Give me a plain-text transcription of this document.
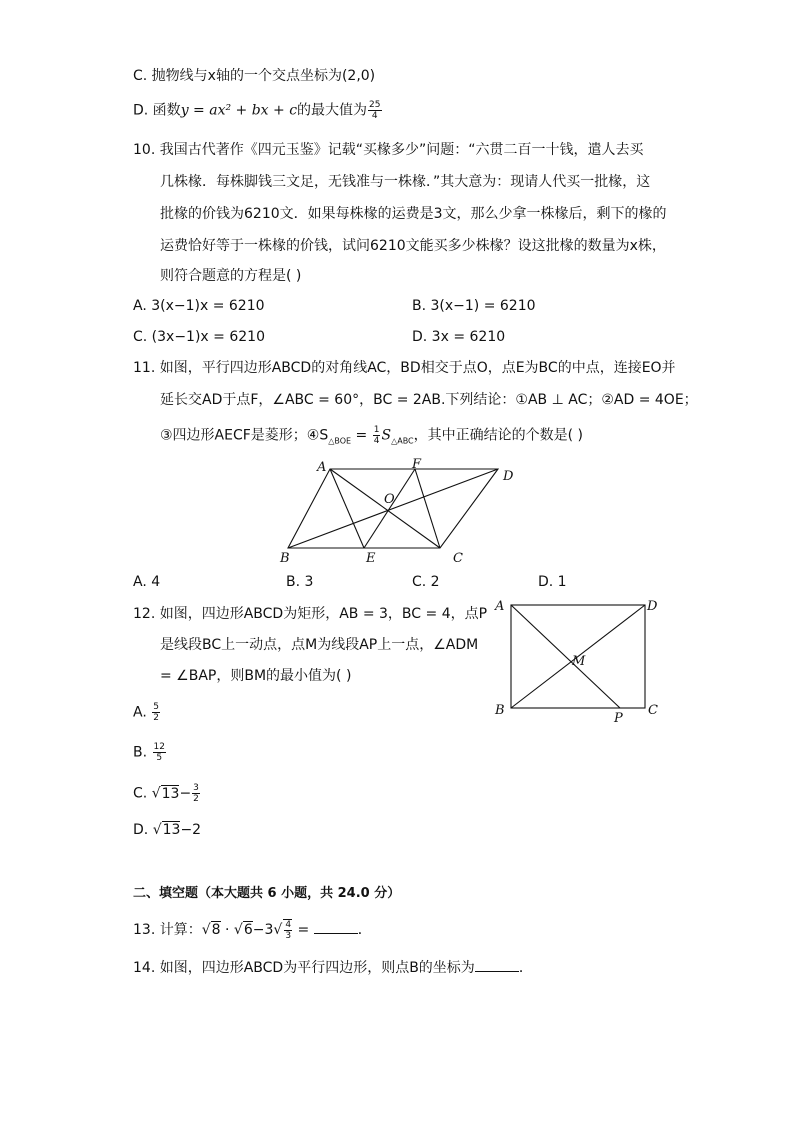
C. 抛物线与x轴的一个交点坐标为(2,0)
D. 函数y = ax² + bx + c的最大值为 $\frac{25}{4}$
10. 我国古代著作《四元玉鉴》记载“买椽多少”问题：“六贯二百一十钱，遣人去买
几株椽．每株脚钱三文足，无钱准与一株椽．”其大意为：现请人代买一批椽，这
批椽的价钱为6210文．如果每株椽的运费是3文，那么少拿一株椽后，剩下的椽的
运费恰好等于一株椽的价钱，试问6210文能买多少株椽？设这批椽的数量为x株，
则符合题意的方程是( )
A. 3(x−1)x = 6210	B. 3(x−1) = 6210
C. (3x−1)x = 6210	D. 3x = 6210
11. 如图，平行四边形ABCD的对角线AC，BD相交于点O，点E为BC的中点，连接EO并
延长交AD于点F，∠ABC = 60°，BC = 2AB.下列结论：①AB ⊥ AC；②AD = 4OE；
③四边形AECF是菱形；$④S_{\triangle BOE} = \frac{1}{4} S_{\triangle ABC}$，其中正确结论的个数是( )
A	F
D
O
B	E	C
A. 4	B. 3	C. 2	D. 1
12. 如图，四边形ABCD为矩形，AB = 3，BC = 4，点P
是线段BC上一动点，点M为线段AP上一点，∠ADM
= ∠BAP，则BM的最小值为( )
A	D
M
B
P
C
A. $\frac{5}{2}$
B. $\frac{12}{5}$
C. $√13- \frac{3}{2}$
D. √13−2
二、填空题（本大题共 6 小题，共 24.0 分）
13. 计算：$√8 \cdot √6-3√ \frac{4}{3}$ =	．
14. 如图，四边形ABCD为平行四边形，则点B的坐标为	．
